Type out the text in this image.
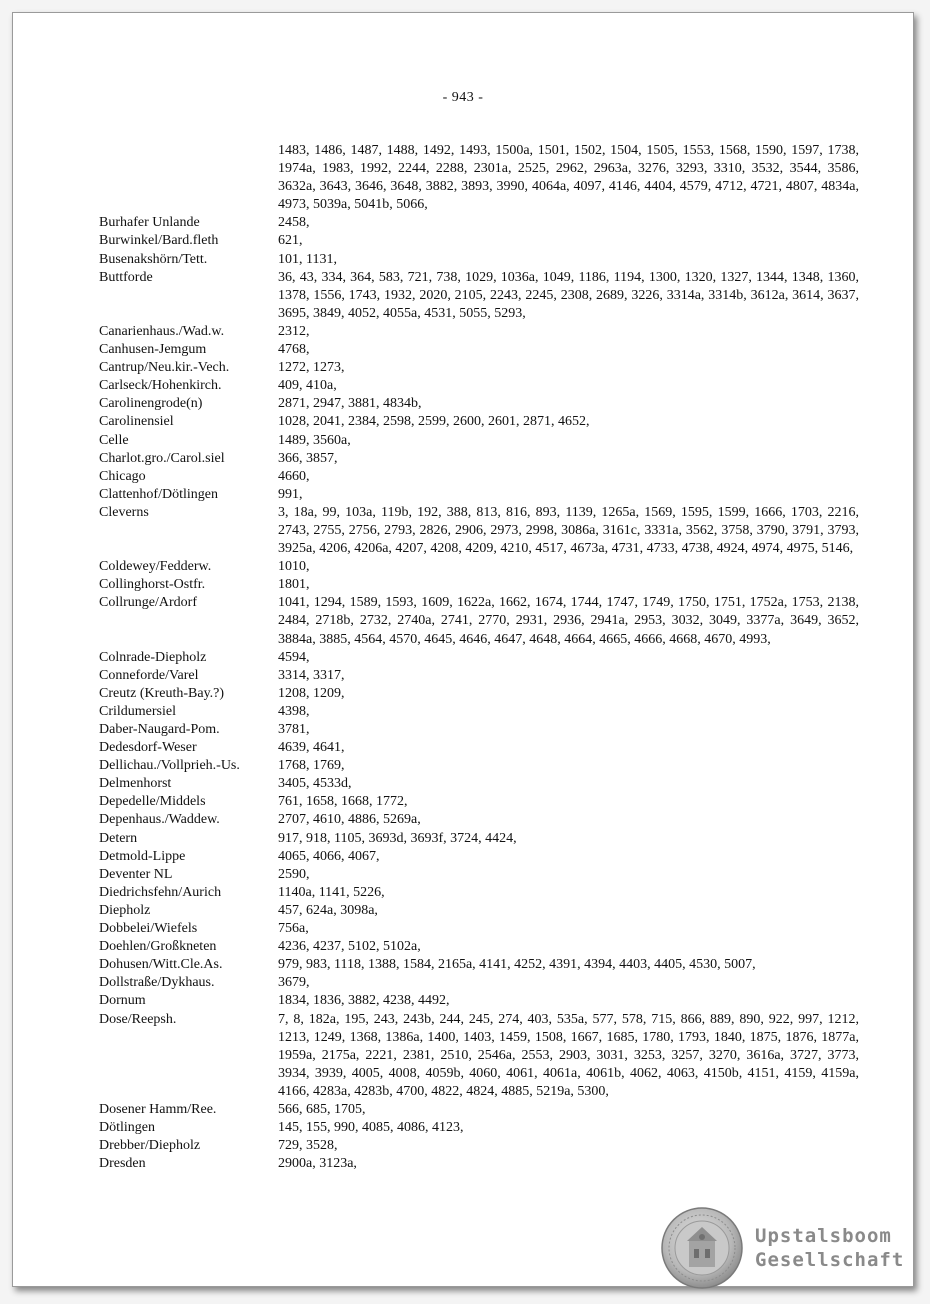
- 943 -
1483, 1486, 1487, 1488, 1492, 1493, 1500a, 1501, 1502, 1504, 1505, 1553, 1568, 1590, 1597, 1738, 1974a, 1983, 1992, 2244, 2288, 2301a, 2525, 2962, 2963a, 3276, 3293, 3310, 3532, 3544, 3586, 3632a, 3643, 3646, 3648, 3882, 3893, 3990, 4064a, 4097, 4146, 4404, 4579, 4712, 4721, 4807, 4834a, 4973, 5039a, 5041b, 5066,
Burhafer Unlande	2458,
Burwinkel/Bard.fleth	621,
Busenakshörn/Tett.	101, 1131,
Buttforde	36, 43, 334, 364, 583, 721, 738, 1029, 1036a, 1049, 1186, 1194, 1300, 1320, 1327, 1344, 1348, 1360, 1378, 1556, 1743, 1932, 2020, 2105, 2243, 2245, 2308, 2689, 3226, 3314a, 3314b, 3612a, 3614, 3637, 3695, 3849, 4052, 4055a, 4531, 5055, 5293,
Canarienhaus./Wad.w.	2312,
Canhusen-Jemgum	4768,
Cantrup/Neu.kir.-Vech.	1272, 1273,
Carlseck/Hohenkirch.	409, 410a,
Carolinengrode(n)	2871, 2947, 3881, 4834b,
Carolinensiel	1028, 2041, 2384, 2598, 2599, 2600, 2601, 2871, 4652,
Celle	1489, 3560a,
Charlot.gro./Carol.siel	366, 3857,
Chicago	4660,
Clattenhof/Dötlingen	991,
Cleverns	3, 18a, 99, 103a, 119b, 192, 388, 813, 816, 893, 1139, 1265a, 1569, 1595, 1599, 1666, 1703, 2216, 2743, 2755, 2756, 2793, 2826, 2906, 2973, 2998, 3086a, 3161c, 3331a, 3562, 3758, 3790, 3791, 3793, 3925a, 4206, 4206a, 4207, 4208, 4209, 4210, 4517, 4673a, 4731, 4733, 4738, 4924, 4974, 4975, 5146,
Coldewey/Fedderw.	1010,
Collinghorst-Ostfr.	1801,
Collrunge/Ardorf	1041, 1294, 1589, 1593, 1609, 1622a, 1662, 1674, 1744, 1747, 1749, 1750, 1751, 1752a, 1753, 2138, 2484, 2718b, 2732, 2740a, 2741, 2770, 2931, 2936, 2941a, 2953, 3032, 3049, 3377a, 3649, 3652, 3884a, 3885, 4564, 4570, 4645, 4646, 4647, 4648, 4664, 4665, 4666, 4668, 4670, 4993,
Colnrade-Diepholz	4594,
Conneforde/Varel	3314, 3317,
Creutz (Kreuth-Bay.?)	1208, 1209,
Crildumersiel	4398,
Daber-Naugard-Pom.	3781,
Dedesdorf-Weser	4639, 4641,
Dellichau./Vollprieh.-Us.	1768, 1769,
Delmenhorst	3405, 4533d,
Depedelle/Middels	761, 1658, 1668, 1772,
Depenhaus./Waddew.	2707, 4610, 4886, 5269a,
Detern	917, 918, 1105, 3693d, 3693f, 3724, 4424,
Detmold-Lippe	4065, 4066, 4067,
Deventer NL	2590,
Diedrichsfehn/Aurich	1140a, 1141, 5226,
Diepholz	457, 624a, 3098a,
Dobbelei/Wiefels	756a,
Doehlen/Großkneten	4236, 4237, 5102, 5102a,
Dohusen/Witt.Cle.As.	979, 983, 1118, 1388, 1584, 2165a, 4141, 4252, 4391, 4394, 4403, 4405, 4530, 5007,
Dollstraße/Dykhaus.	3679,
Dornum	1834, 1836, 3882, 4238, 4492,
Dose/Reepsh.	7, 8, 182a, 195, 243, 243b, 244, 245, 274, 403, 535a, 577, 578, 715, 866, 889, 890, 922, 997, 1212, 1213, 1249, 1368, 1386a, 1400, 1403, 1459, 1508, 1667, 1685, 1780, 1793, 1840, 1875, 1876, 1877a, 1959a, 2175a, 2221, 2381, 2510, 2546a, 2553, 2903, 3031, 3253, 3257, 3270, 3616a, 3727, 3773, 3934, 3939, 4005, 4008, 4059b, 4060, 4061, 4061a, 4061b, 4062, 4063, 4150b, 4151, 4159, 4159a, 4166, 4283a, 4283b, 4700, 4822, 4824, 4885, 5219a, 5300,
Dosener Hamm/Ree.	566, 685, 1705,
Dötlingen	145, 155, 990, 4085, 4086, 4123,
Drebber/Diepholz	729, 3528,
Dresden	2900a, 3123a,
Upstalsboom
Gesellschaft
